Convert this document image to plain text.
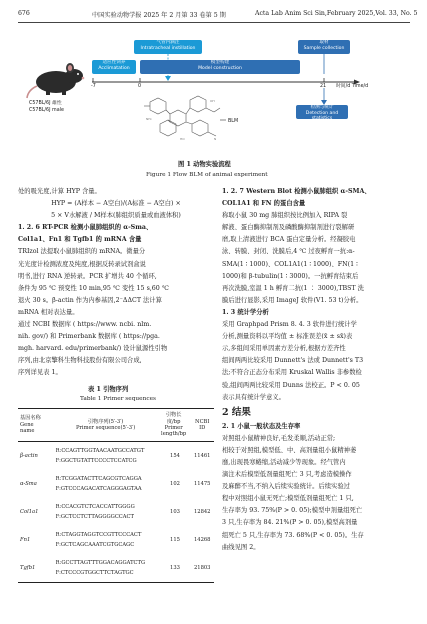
676	中国实验动物学报 2025 年 2 月第 33 卷第 5 期	Acta Lab Anim Sci Sin,February 2025,Vol. 33, No. 5
C57BL/6J 雄性
C57BL/6J male
气管内滴注
Intratracheal instillation
适应性饲养
Acclimatation
模型构建
Model construction
取材
Sample collection
-7	0	21 时间/d Time/d
检测与统计
Detection and statistics
NH₂
OH
HO	N
BLM
图 1 动物实验流程
Figure 1 Flow BLM of animal experiment

处的吸光度,计算 HYP 含量。

HYP = (A样本 − A空白)/(A标准 − A空白) ×

5 × V水解液 / M样本(肺组织质量或血液体积)

1. 2. 6 RT-PCR 检测小鼠肺组织的 α-Sma、

Col1a1、Fn1 和 Tgfb1 的 mRNA 含量

TRIzol 法提取小鼠肺组织的 mRNA。微量分

光光度计检测浓度及纯度,根据反转录试剂盒说

明书,进行 RNA 逆转录。PCR 扩增共 40 个循环,

条件为 95 ℃ 预变性 10 min,95 ℃ 变性 15 s,60 ℃

退火 30 s。β-actin 作为内参基因,2⁻ΔΔCT 法计算

mRNA 相对表达量。

通过 NCBI 数据库 ( https://www. ncbi. nlm.

nih. gov/) 和 Primerbank 数据库 ( https://pga.

mgh. harvard. edu/primerbank/) 设计鼠源性引物

序列,由北京擎科生物科技股份有限公司合成,

序列详见表 1。

表 1 引物序列
Table 1 Primer sequences
基因名称
Gene
name	引物序列(5′-3′)
Primer sequence(5′-3′)	引物长
度/bp
Primer
length/bp	NCBI
ID
β-actin	R:CCAGTTGGTAACAATGCCATGT
F:GGCTGTATTCCCCTCCATCG	154	11461
α-Sma	R:TCGGATACTTCAGCGTCAGGA
F:GTCCCAGACATCAGGGAGTAA	102	11475
Col1a1	R:CCACGTCTCACCATTGGGG
F:GCTCCTCTTAGGGGCCACT	103	12842
Fn1	R:CTAGGTAGGTCCGTTCCCACT
F:GCTCAGCAAATCGTGCAGC	115	14268
Tgfb1	R:GCCTTAGTTTGGACAGGATCTG
F:CTCCCGTGGCTTCTAGTGC	133	21803

1. 2. 7 Western Blot 检测小鼠肺组织 α-SMA、

COL1A1 和 FN 的蛋白含量

称取小鼠 30 mg 肺组织按比例加入 RIPA 裂

解液、蛋白酶抑制剂及磷酸酶抑制剂进行裂解研

磨,取上清液进行 BCA 蛋白定量分析。经凝胶电

泳、转膜、封闭、洗膜后,4 ℃ 过夜孵育一抗:α-

SMA(1 ∶ 1000)、COL1A1(1 ∶ 1000)、FN(1 ∶

1000)和 β-tubulin(1 ∶ 3000)。一抗孵育结束后

再次洗膜,室温 1 h 孵育二抗(1 ∶ 3000),TBST 洗

膜后进行显影,采用 ImageJ 软件(V1. 53 t)分析。

1. 3 统计学分析

采用 Graphpad Prism 8. 4. 3 软件进行统计学

分析,测量资料以平均值 ± 标准误差(x̄ ± sx̄)表

示,多组间采用单因素方差分析,根据方差齐性

组间两两比较采用 Dunnett's 法或 Dunnett's T3

法;不符合正态分布采用 Kruskal Wallis 非参数检

验,组间两两比较采用 Dunns 法校正。P < 0. 05

表示具有统计学意义。

2 结果

2. 1 小鼠一般状态及生存率

对照组小鼠精神良好,毛发柔顺,活动正常;

相较于对照组,模型低、中、高剂量组小鼠精神萎

靡,出现畏寒蜷缩,活动减少等现象。经气管内

滴注术后模型低剂量组死亡 3 只,考虑造模操作

及麻醉不当,不纳入后续实验统计。后续实验过

程中对照组小鼠无死亡;模型低剂量组死亡 1 只,

生存率为 93. 75%(P > 0. 05);模型中剂量组死亡

3 只,生存率为 84. 21%(P > 0. 05),模型高剂量

组死亡 5 只,生存率为 73. 68%(P < 0. 05)。生存

曲线见图 2。
